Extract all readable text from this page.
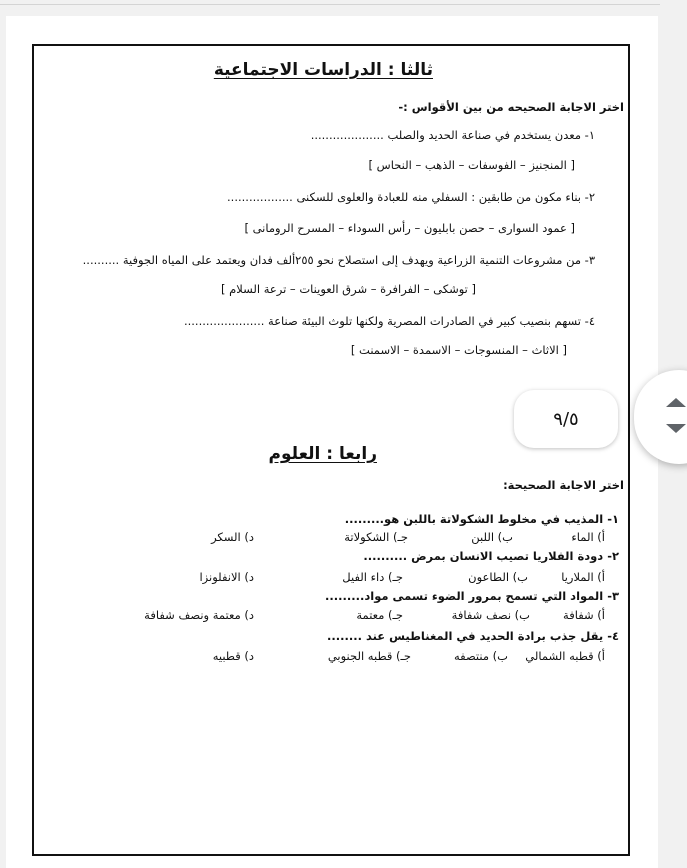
ثالثا : الدراسات الاجتماعية
اختر الاجابة الصحيحه من بين الأقواس :-
١- معدن يستخدم في صناعة الحديد والصلب ....................
[ المنجنيز – الفوسفات – الذهب – النحاس ]
٢- بناء مكون من طابقين : السفلي منه للعبادة والعلوى للسكنى ..................
[ عمود السوارى – حصن بابليون – رأس السوداء – المسرح الرومانى ]
٣- من مشروعات التنمية الزراعية ويهدف إلى استصلاح نحو ٢٥٥ألف فدان ويعتمد على المياه الجوفية ..........
[ توشكى – الفرافرة – شرق العوينات – ترعة السلام ]
٤- تسهم بنصيب كبير في الصادرات المصرية ولكنها تلوث البيئة صناعة ......................
[ الاثاث – المنسوجات – الاسمدة – الاسمنت ]
رابعا : العلوم
اختر الاجابة الصحيحة:
١- المذيب في مخلوط الشكولاتة باللبن هو.........
أ) الماء
ب) اللبن
جـ) الشكولاتة
د) السكر
٢- دودة الفلاريا تصيب الانسان بمرض ..........
أ) الملاريا
ب) الطاعون
جـ) داء الفيل
د) الانفلونزا
٣- المواد التي تسمح بمرور الضوء تسمى مواد.........
أ) شفافة
ب) نصف شفافة
جـ) معتمة
د) معتمة ونصف شفافة
٤- يقل جذب برادة الحديد في المغناطيس عند ........
أ) قطبه الشمالي
ب) منتصفه
جـ) قطبه الجنوبي
د) قطبيه
٩/٥
